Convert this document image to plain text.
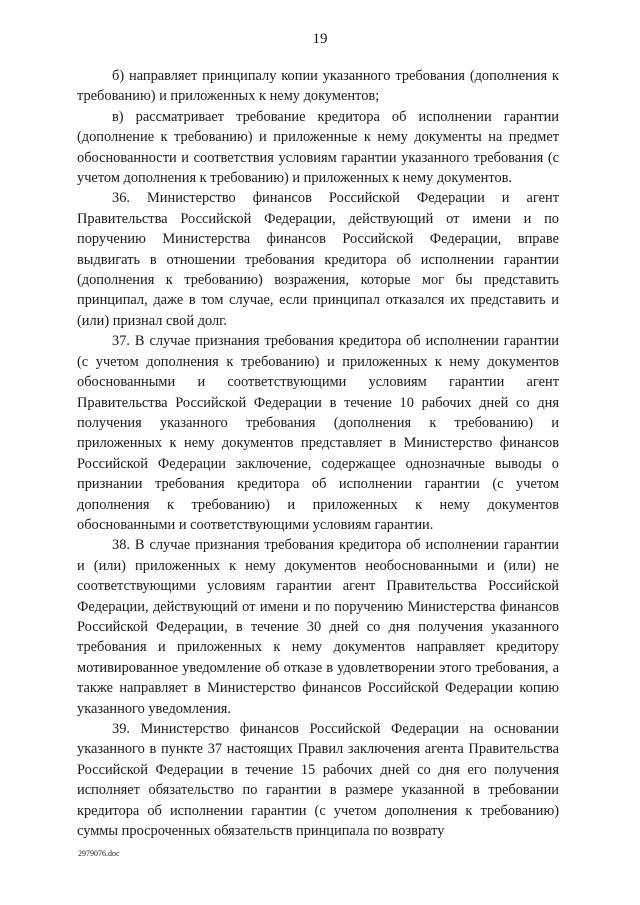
19

б) направляет принципалу копии указанного требования (дополнения к требованию) и приложенных к нему документов;

в) рассматривает требование кредитора об исполнении гарантии (дополнение к требованию) и приложенные к нему документы на предмет обоснованности и соответствия условиям гарантии указанного требования (с учетом дополнения к требованию) и приложенных к нему документов.

36. Министерство финансов Российской Федерации и агент Правительства Российской Федерации, действующий от имени и по поручению Министерства финансов Российской Федерации, вправе выдвигать в отношении требования кредитора об исполнении гарантии (дополнения к требованию) возражения, которые мог бы представить принципал, даже в том случае, если принципал отказался их представить и (или) признал свой долг.

37. В случае признания требования кредитора об исполнении гарантии (с учетом дополнения к требованию) и приложенных к нему документов обоснованными и соответствующими условиям гарантии агент Правительства Российской Федерации в течение 10 рабочих дней со дня получения указанного требования (дополнения к требованию) и приложенных к нему документов представляет в Министерство финансов Российской Федерации заключение, содержащее однозначные выводы о признании требования кредитора об исполнении гарантии (с учетом дополнения к требованию) и приложенных к нему документов обоснованными и соответствующими условиям гарантии.

38. В случае признания требования кредитора об исполнении гарантии и (или) приложенных к нему документов необоснованными и (или) не соответствующими условиям гарантии агент Правительства Российской Федерации, действующий от имени и по поручению Министерства финансов Российской Федерации, в течение 30 дней со дня получения указанного требования и приложенных к нему документов направляет кредитору мотивированное уведомление об отказе в удовлетворении этого требования, а также направляет в Министерство финансов Российской Федерации копию указанного уведомления.

39. Министерство финансов Российской Федерации на основании указанного в пункте 37 настоящих Правил заключения агента Правительства Российской Федерации в течение 15 рабочих дней со дня его получения исполняет обязательство по гарантии в размере указанной в требовании кредитора об исполнении гарантии (с учетом дополнения к требованию) суммы просроченных обязательств принципала по возврату

2979076.doc
